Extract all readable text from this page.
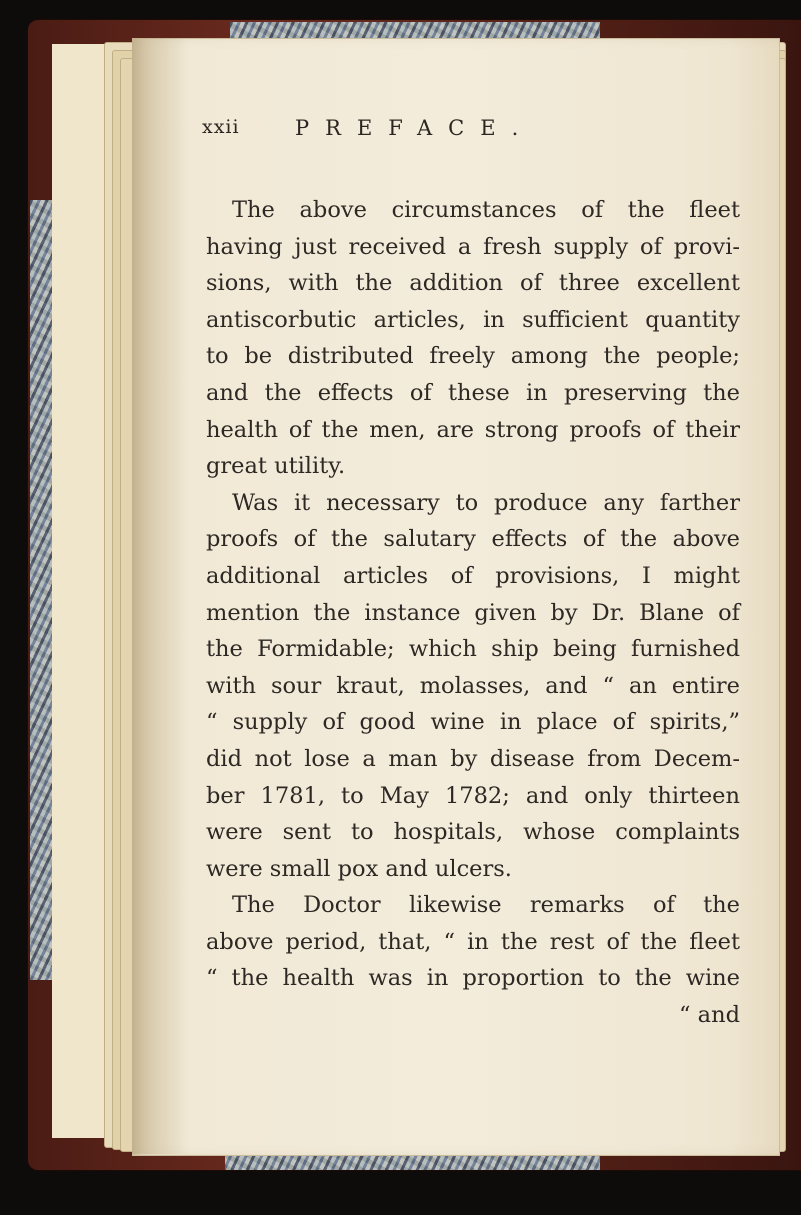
xxii	PREFACE.
The above circumstances of the fleet
having just received a fresh supply of provi-
sions, with the addition of three excellent
antiscorbutic articles, in sufficient quantity
to be distributed freely among the people;
and the effects of these in preserving the
health of the men, are strong proofs of their
great utility.
Was it necessary to produce any farther
proofs of the salutary effects of the above
additional articles of provisions, I might
mention the instance given by Dr. Blane of
the Formidable; which ship being furnished
with sour kraut, molasses, and “ an entire
“ supply of good wine in place of spirits,”
did not lose a man by disease from Decem-
ber 1781, to May 1782; and only thirteen
were sent to hospitals, whose complaints
were small pox and ulcers.
The Doctor likewise remarks of the
above period, that, “ in the rest of the fleet
“ the health was in proportion to the wine
“ and
